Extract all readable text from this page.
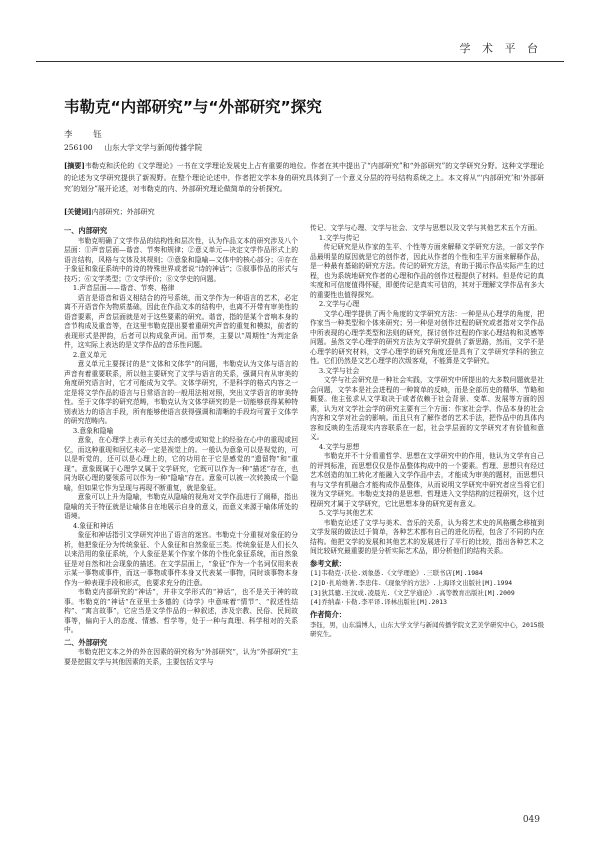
学 术 平 台
韦勒克“内部研究”与“外部研究”探究
李 钰
256100 山东大学文学与新闻传播学院
[摘要]韦勒克和沃伦的《文学理论》一书在文学理论发展史上占有重要的地位。作者在其中提出了“内部研究”和“外部研究”的文学研究分野。这种文学理论的论述为文学研究提供了新视野。在整个理论论述中，作者把文学本身的研究具体到了一个意义分层的符号结构系统之上。本文将从“‘内部研究’和‘外部研究’的划分”展开论述，对韦勒克的内、外部研究理论做简单的分析探究。
[关键词]内部研究；外部研究

一、内部研究

韦勒克明确了文学作品的结构性和层次性，认为作品文本的研究涉及八个层面：①声音层面—谐音、节奏和规律；②意义单元—决定文学作品形式上的语言结构，风格与文体及其规则；③意象和隐喻—文体中的核心部分；④存在于象征和象征系统中的诗的特殊世界或者说“诗的神话”；⑤叙事作品的形式与技巧；⑥文学类型；⑦文学评价；⑧文学史的问题。

1.声音层面——谐音、节奏、格律

语言是语音和语义相结合的符号系统，而文学作为一种语言的艺术，必定离不开语音作为物质基础，因此在作品文本的结构中，也离不开带有审美性的语音要素，声音层面就是对于这些要素的研究。谐音，指的是某个音响本身的音节构成及重音等，在这里韦勒克提出要着重研究声音的重复和模拟，前者的表现形式是押韵，后者可以构成象声词。而节奏，主要以“周期性”为判定条件，这实际上表达的是文学作品的音乐性问题。

2.意义单元

意义单元主要探讨的是“文体和文体学”的问题，韦勒克认为文体与语言的声音有着重要联系，所以他主要研究了文学与语言的关系，强调只有从审美的角度研究语言时，它才可能成为文学。文体学研究，不是科学的格式内容之一定是将文学作品的语言与日常语言的一般用法相对照，突出文学语言的审美特性。至于文体学的研究范畴，韦勒克认为文体学研究的是一切能够获得某种特别表达力的语言手段，所有能够使语言获得强调和清晰的手段均可置于文体学的研究范畴内。

3.意象和隐喻

意象，在心理学上表示有关过去的感受或知觉上的经验在心中的重现或回忆，而这种重现和回忆未必一定是视觉上的。一般认为意象可以是视觉的，可以是听觉的，还可以是心理上的，它的功用在于它是感觉的“遗留物”和“重现”。意象既属于心理学又属于文学研究，它既可以作为一种“描述”存在，也同为联心理的要领系可以作为一种“隐喻”存在。意象可以被一次转换成一个隐喻，但如果它作为呈现与再现不断重复，就是象征。

意象可以上升为隐喻，韦勒克从隐喻的视角对文学作品进行了阐释，指出隐喻的关于特征就是让喻体自在地展示自身的意义，而意义来源于喻体所处的语境。

4.象征和神话

象征和神话指引文学研究冲出了语言的迷宫。韦勒克十分重视对象征的分析，他把象征分为传统象征、个人象征和自然象征三类。传统象征是人们长久以来沿用的象征系统，个人象征是某个作家个体的个性化象征系统，而自然象征是对自然和社会现象的描述。在文学层面上，“象征”作为一个名词仅用来表示某一事物或事件，而这一事物或事件本身又代表某一事物，同时该事物本身作为一种表现手段和形式，也要求充分的注意。

韦勒克内部研究的“神话”，并非文学形式的“神话”，也不是关于神的故事。韦勒克的“神话”在亚里士多德的《诗学》中意味着“情节”、“叙述性结构”、“寓言故事”，它应当是文学作品的一种叙述，涉及宗教、民俗、民间故事等，偏向于人的态度、情感、哲学等，处于一种与真理、科学相对的关系中。

二、外部研究

韦勒克把文本之外的外在因素的研究称为“外部研究”，认为“外部研究”主要是挖掘文学与其他因素的关系，主要包括文学与

传记、文学与心理、文学与社会、文学与思想以及文学与其他艺术五个方面。

1.文学与传记

传记研究是从作家的生平、个性等方面来解释文学研究方法，一部文学作品最明显的原因就是它的创作者，因此从作者的个性和生平方面来解释作品，是一种最有基础的研究方法。传记的研究方法，有助于揭示作品实际产生的过程，也为系统地研究作者的心理和作品的创作过程提供了材料。但是传记的真实度和可信度值得怀疑，即便传记是真实可信的，其对于理解文学作品有多大的重要性也值得探究。

2.文学与心理

文学心理学提供了两个角度的文学研究方法：一种是从心理学的角度，把作家当一种类型和个体来研究；另一种是对创作过程的研究或者指对文学作品中所表现的心理学类型和法则的研究，探讨创作过程的作家心理结构和灵感等问题。虽然文学心理学的研究方法为文学研究提供了新思路，然而，文学不是心理学的研究材料，文学心理学的研究角度还是具有了文学研究学科的独立性。它们仍然是文艺心理学的次级客观，不能算是文学研究。

3.文学与社会

文学与社会研究是一种社会实践，文学研究中所提出的大多数问题就是社会问题，文学本是社会进程的一种简单的反映，而是全部历史的精华、节略和概要。他主张求从文学取决于或者依赖于社会背景、变革、发展等方面的因素，认为对文学社会学的研究主要有三个方面：作家社会学、作品本身的社会内容和文学对社会的影响。而且只有了解作者的艺术手法，把作品中的具体内容和反映的生活现实内容联系在一起，社会学层面的文学研究才有价值和意义。

4.文学与思想

韦勒克并不十分看重哲学、思想在文学研究中的作用，他认为文学有自己的评判标准，而思想仅仅是作品整体构成中的一个要素。哲理、思想只有经过艺术创造的加工转化才能融入文学作品中去，才能成为审美的题材，而思想只有与文学有机融合才能构成作品整体，从而说明文学研究中研究者应当将它们视为文学研究。韦勒克支持的是思想、哲理进入文学结构的过程研究，这个过程研究才属于文学研究，它比思想本身的研究更有意义。

5.文学与其他艺术

韦勒克论述了文学与美术、音乐的关系，认为将艺术史的风格概念移植到文学发展的做法过于简单，各种艺术都有自己的进化历程，包含了不同的内在结构。他把文学的发展和其他艺术的发展进行了平行的比较，指出各种艺术之间比较研究最重要的是分析实际艺术品，即分析他们的结构关系。

参考文献：

[1]韦勒克·沃伦.刘象愚.《文学理论》.三联书店[M].1984

[2]D·扎哈维著.李忠伟.《现象学的方法》.上海译文出版社[M].1994

[3]狄其骢.王汶成.凌晨光.《文艺学通论》.高等教育出版社[M].2009

[4]乔纳森·卡勒.李平译.译林出版社[M].2013

作者简介：

李钰，男，山东淄博人，山东大学文学与新闻传播学院文艺美学研究中心，2015级研究生。

049
